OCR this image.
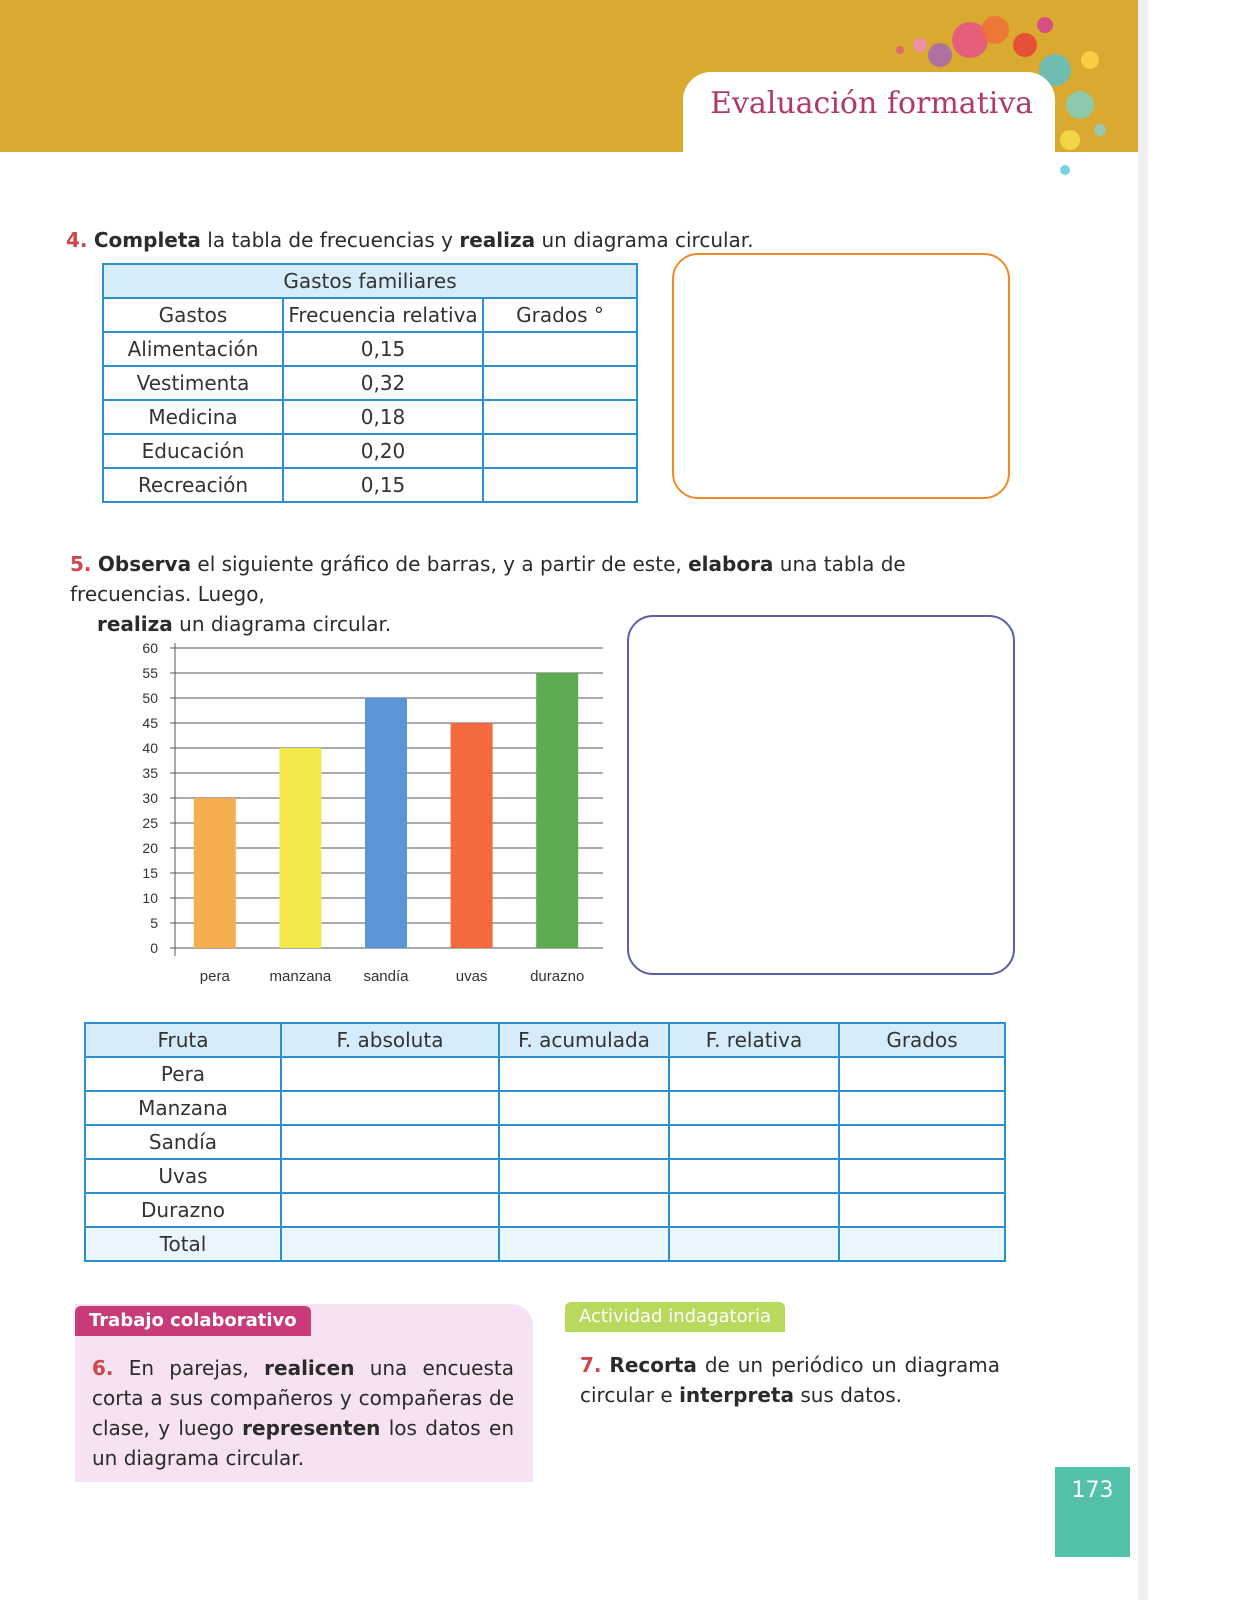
Evaluación formativa
4. Completa la tabla de frecuencias y realiza un diagrama circular.
Gastos familiares		
Gastos	Frecuencia relativa	Grados °
Alimentación	0,15	
Vestimenta	0,32	
Medicina	0,18	
Educación	0,20	
Recreación	0,15	
5. Observa el siguiente gráfico de barras, y a partir de este, elabora una tabla de frecuencias. Luego,
realiza un diagrama circular.
0
5
10
15
20
25
30
35
40
45
50
55
60
pera	manzana sandía	uvas	durazno
Fruta	F. absoluta	F. acumulada	F. relativa	Grados
Pera				
Manzana				
Sandía				
Uvas				
Durazno				
Total				
Trabajo colaborativo
6. En parejas, realicen una encuesta corta a sus compañeros y compañeras de clase, y luego representen los datos en un diagrama circular.
Actividad indagatoria
7. Recorta de un periódico un diagrama circular e interpreta sus datos.
173
